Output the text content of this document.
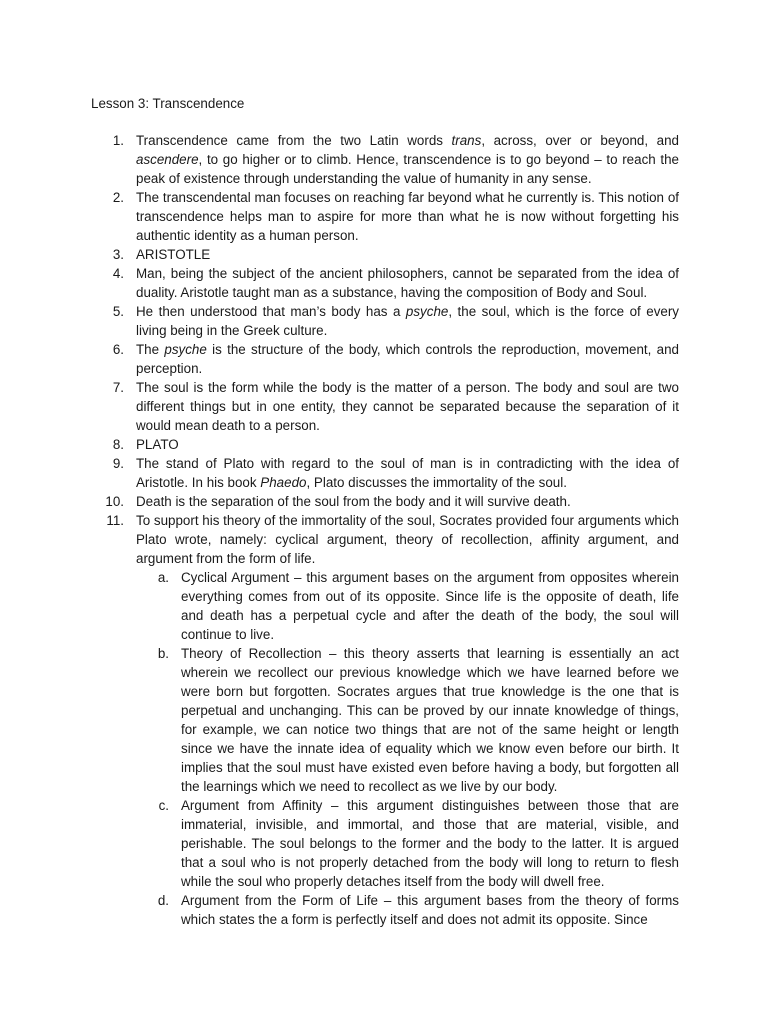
Lesson 3: Transcendence
1. Transcendence came from the two Latin words trans, across, over or beyond, and ascendere, to go higher or to climb. Hence, transcendence is to go beyond – to reach the peak of existence through understanding the value of humanity in any sense.
2. The transcendental man focuses on reaching far beyond what he currently is. This notion of transcendence helps man to aspire for more than what he is now without forgetting his authentic identity as a human person.
3. ARISTOTLE
4. Man, being the subject of the ancient philosophers, cannot be separated from the idea of duality. Aristotle taught man as a substance, having the composition of Body and Soul.
5. He then understood that man’s body has a psyche, the soul, which is the force of every living being in the Greek culture.
6. The psyche is the structure of the body, which controls the reproduction, movement, and perception.
7. The soul is the form while the body is the matter of a person. The body and soul are two different things but in one entity, they cannot be separated because the separation of it would mean death to a person.
8. PLATO
9. The stand of Plato with regard to the soul of man is in contradicting with the idea of Aristotle. In his book Phaedo, Plato discusses the immortality of the soul.
10. Death is the separation of the soul from the body and it will survive death.
11. To support his theory of the immortality of the soul, Socrates provided four arguments which Plato wrote, namely: cyclical argument, theory of recollection, affinity argument, and argument from the form of life.
a. Cyclical Argument – this argument bases on the argument from opposites wherein everything comes from out of its opposite. Since life is the opposite of death, life and death has a perpetual cycle and after the death of the body, the soul will continue to live.
b. Theory of Recollection – this theory asserts that learning is essentially an act wherein we recollect our previous knowledge which we have learned before we were born but forgotten. Socrates argues that true knowledge is the one that is perpetual and unchanging. This can be proved by our innate knowledge of things, for example, we can notice two things that are not of the same height or length since we have the innate idea of equality which we know even before our birth. It implies that the soul must have existed even before having a body, but forgotten all the learnings which we need to recollect as we live by our body.
c. Argument from Affinity – this argument distinguishes between those that are immaterial, invisible, and immortal, and those that are material, visible, and perishable. The soul belongs to the former and the body to the latter. It is argued that a soul who is not properly detached from the body will long to return to flesh while the soul who properly detaches itself from the body will dwell free.
d. Argument from the Form of Life – this argument bases from the theory of forms which states the a form is perfectly itself and does not admit its opposite. Since
